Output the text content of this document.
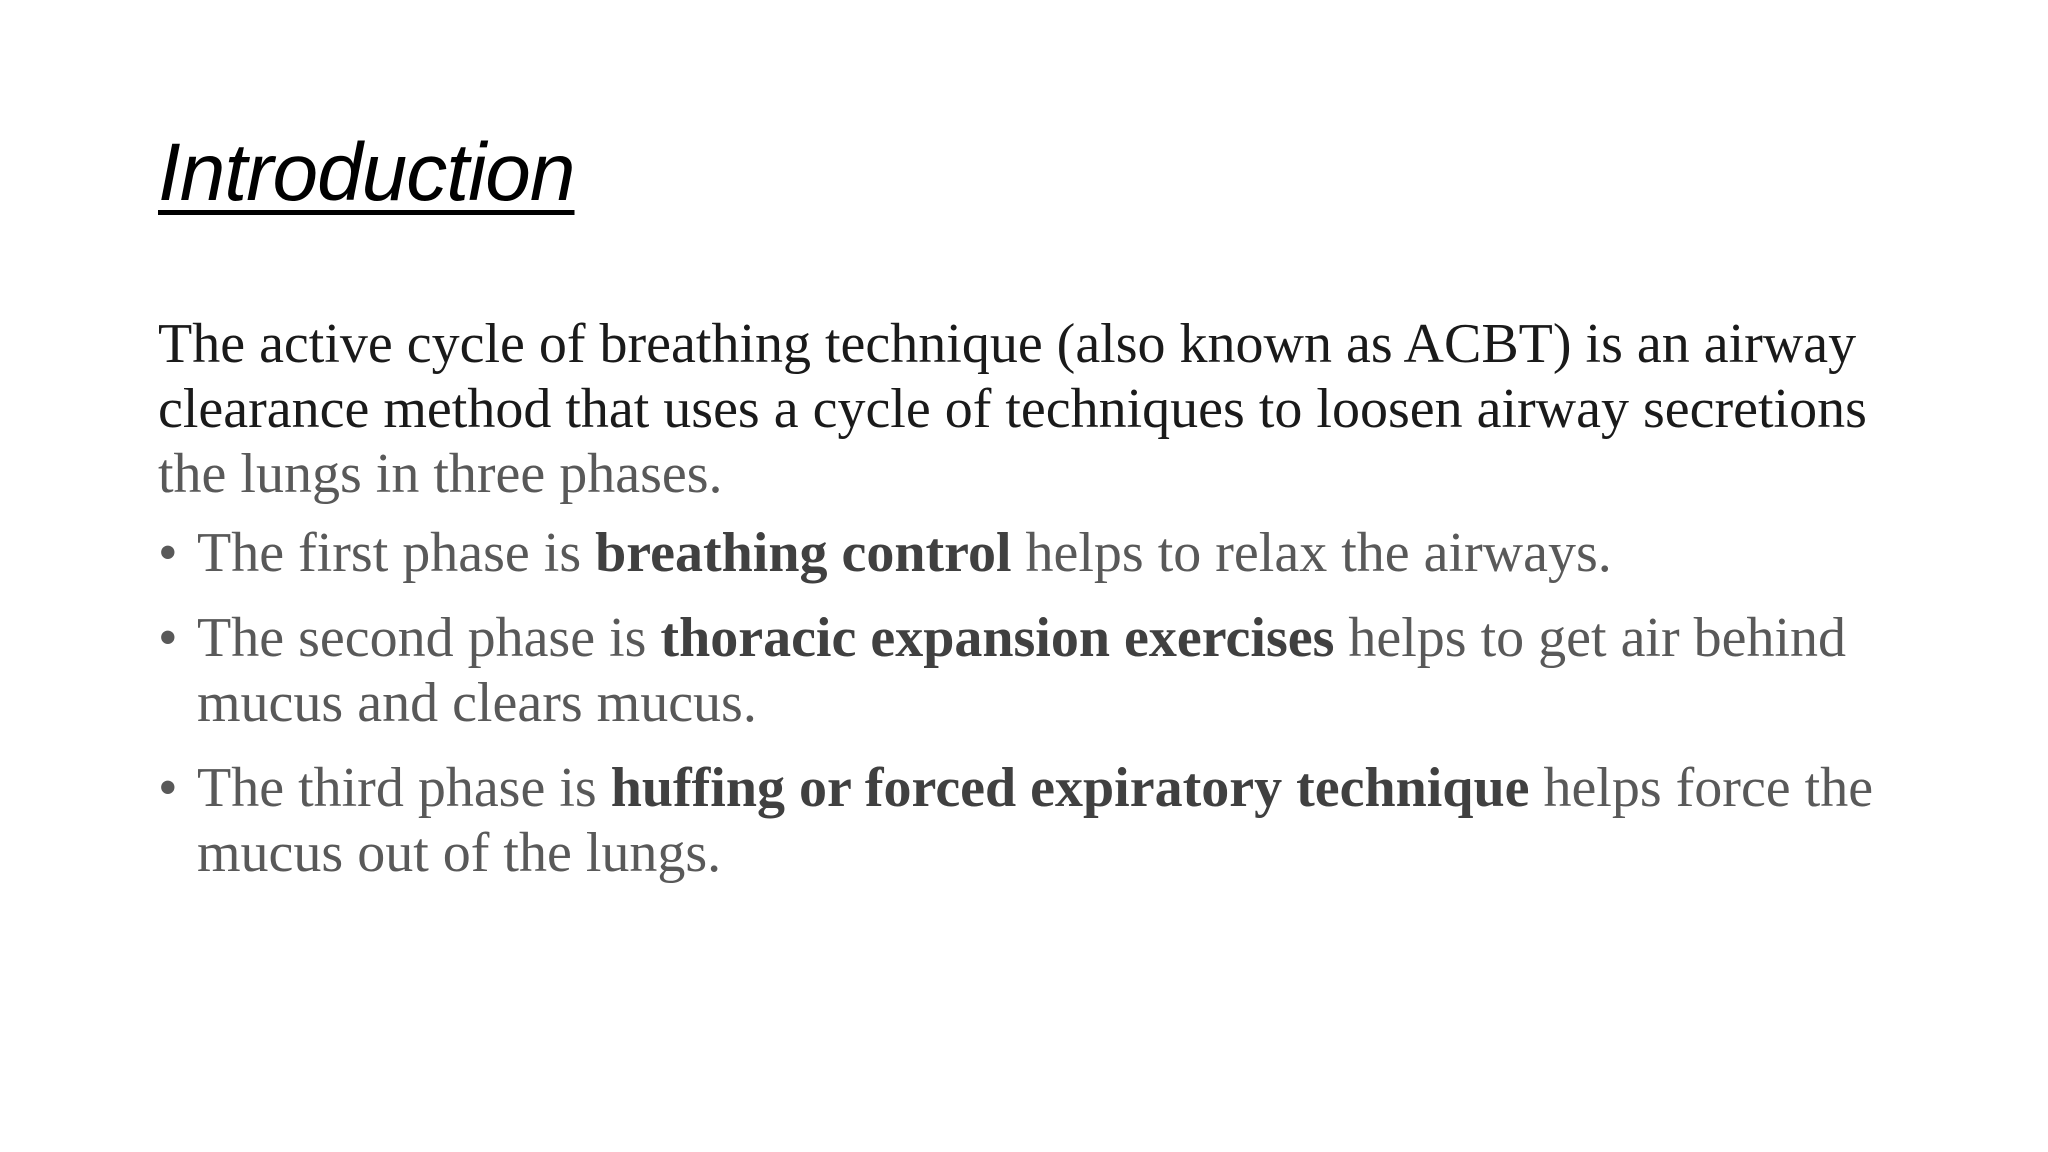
Introduction

The active cycle of breathing technique (also known as ACBT) is an airway clearance method that uses a cycle of techniques to loosen airway secretions the lungs in three phases.

• The first phase is breathing control helps to relax the airways.
• The second phase is thoracic expansion exercises helps to get air behind mucus and clears mucus.
• The third phase is huffing or forced expiratory technique helps force the mucus out of the lungs.
